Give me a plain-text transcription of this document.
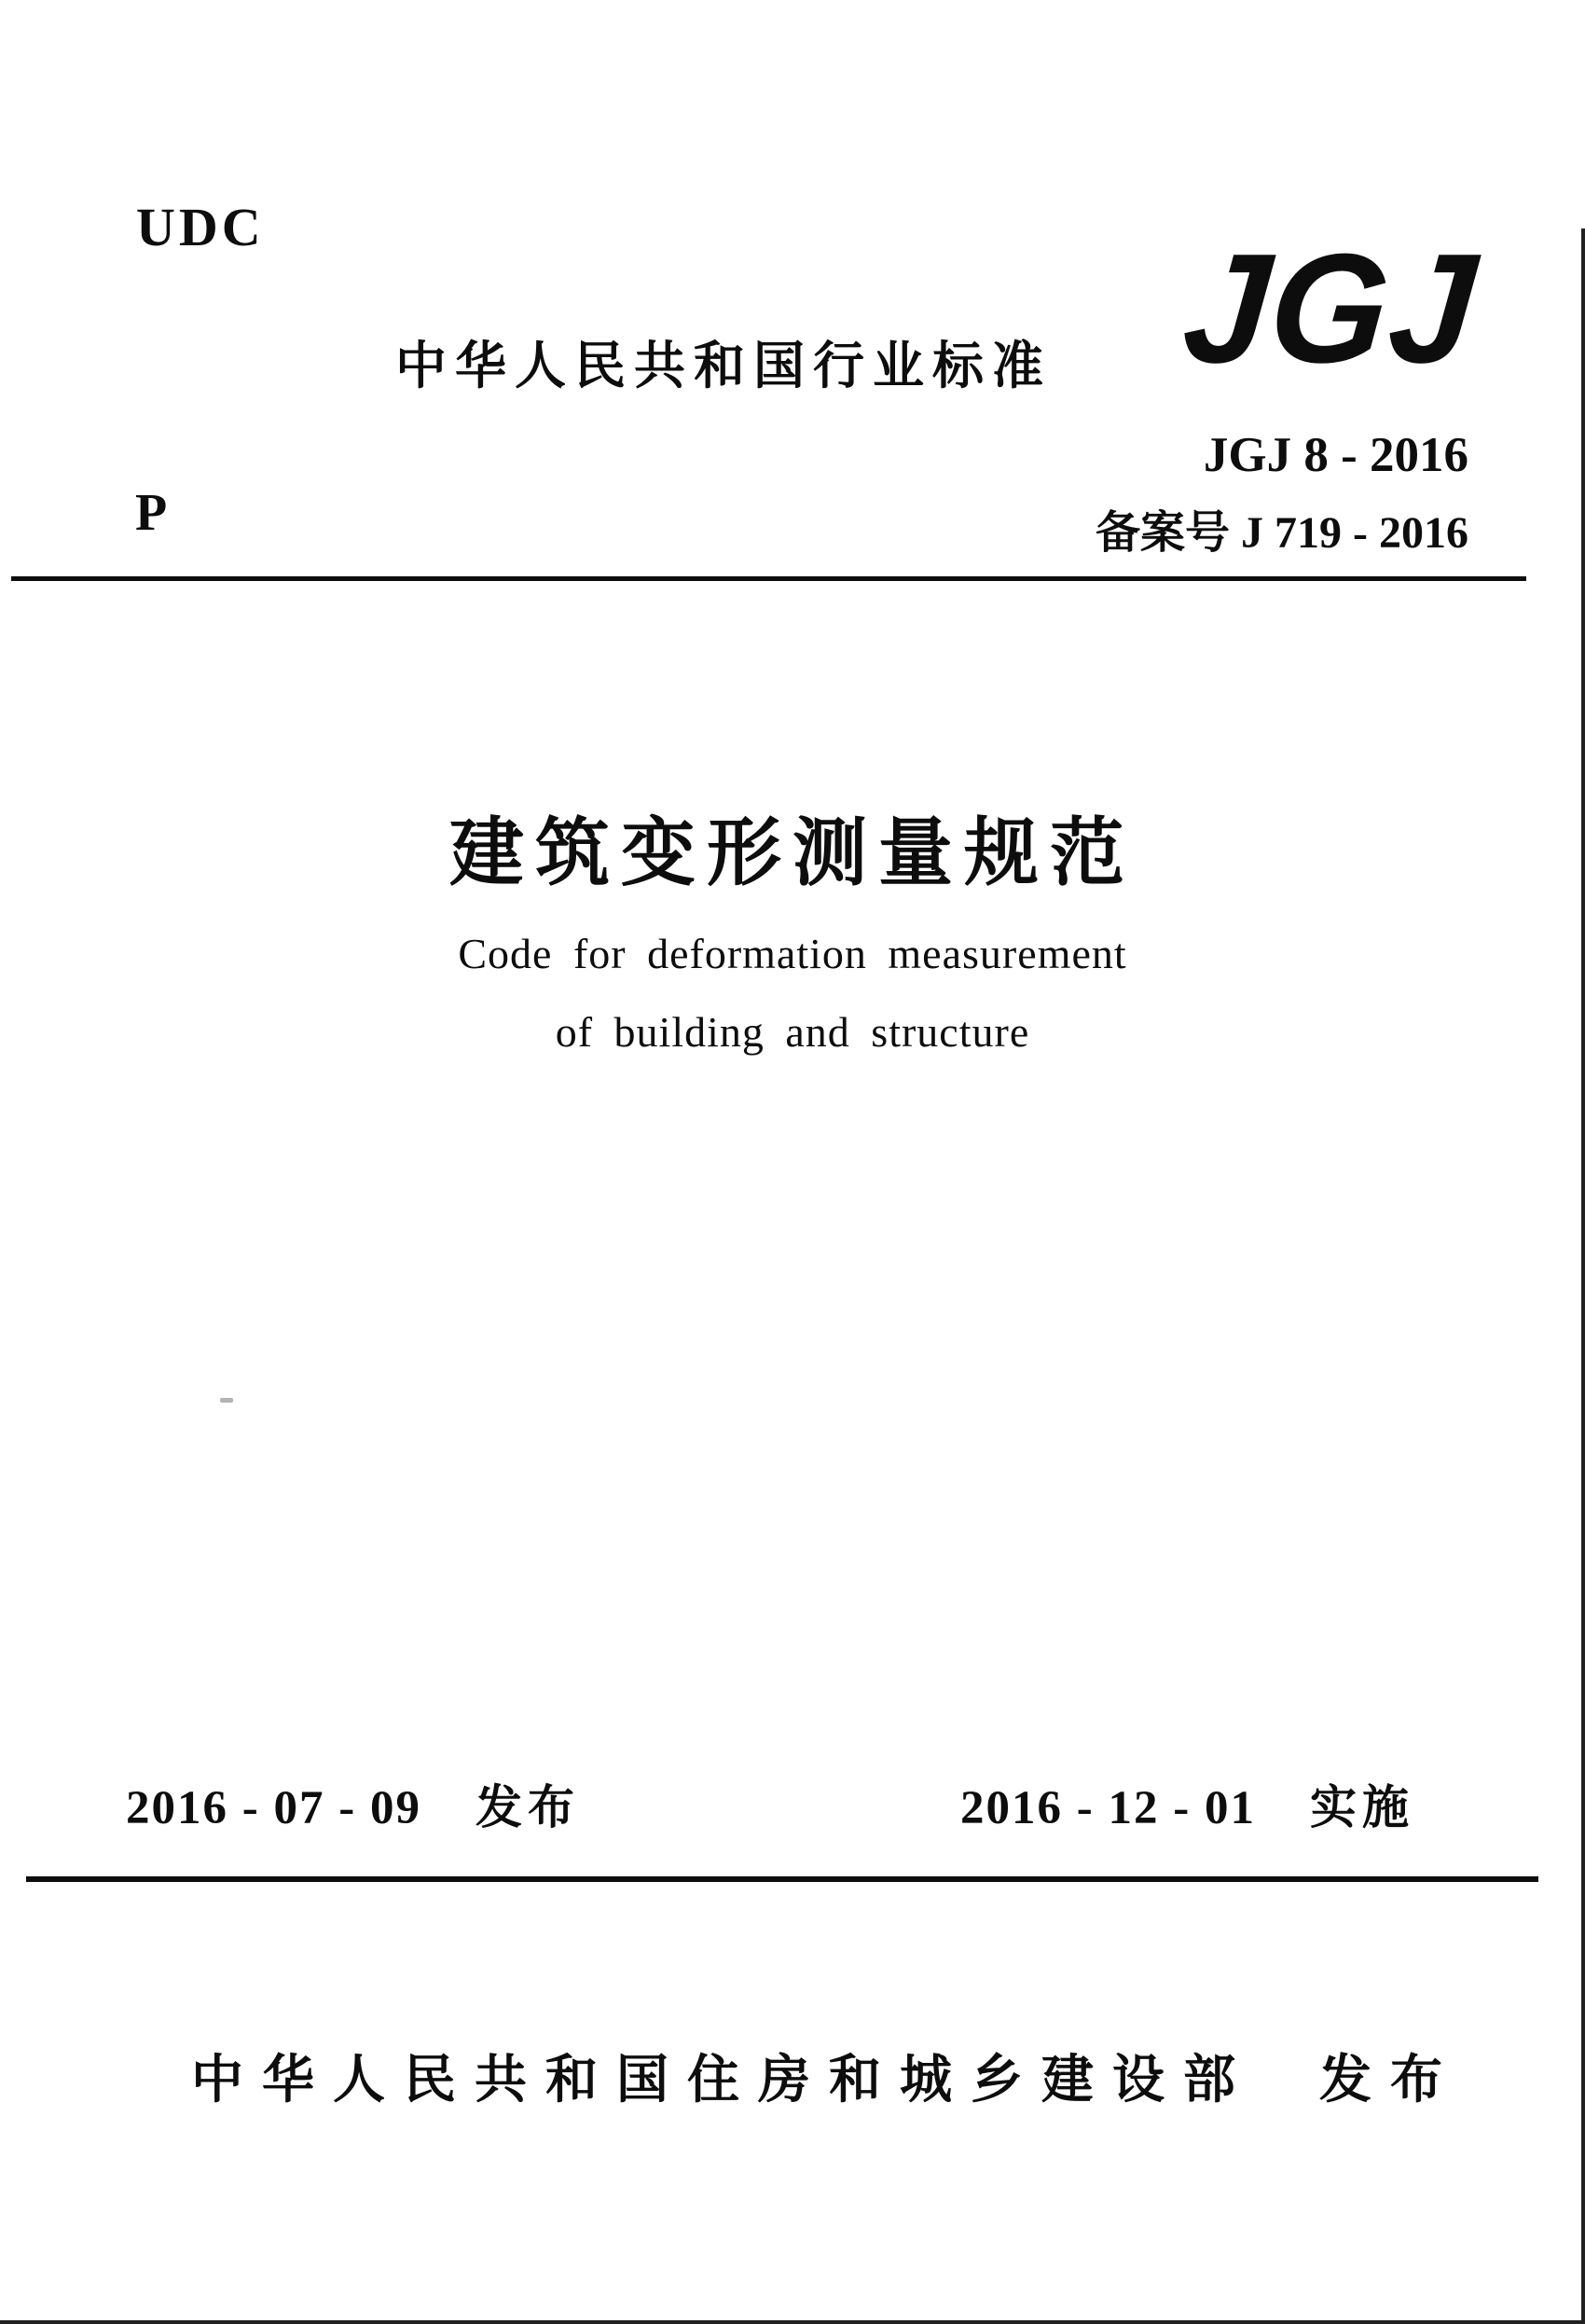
UDC
中华人民共和国行业标准 JGJ
JGJ 8 - 2016
备案号 J 719 - 2016
P
建筑变形测量规范
Code for deformation measurement
of building and structure
2016 - 07 - 09 发布	2016 - 12 - 01 实施
中华人民共和国住房和城乡建设部 发布
